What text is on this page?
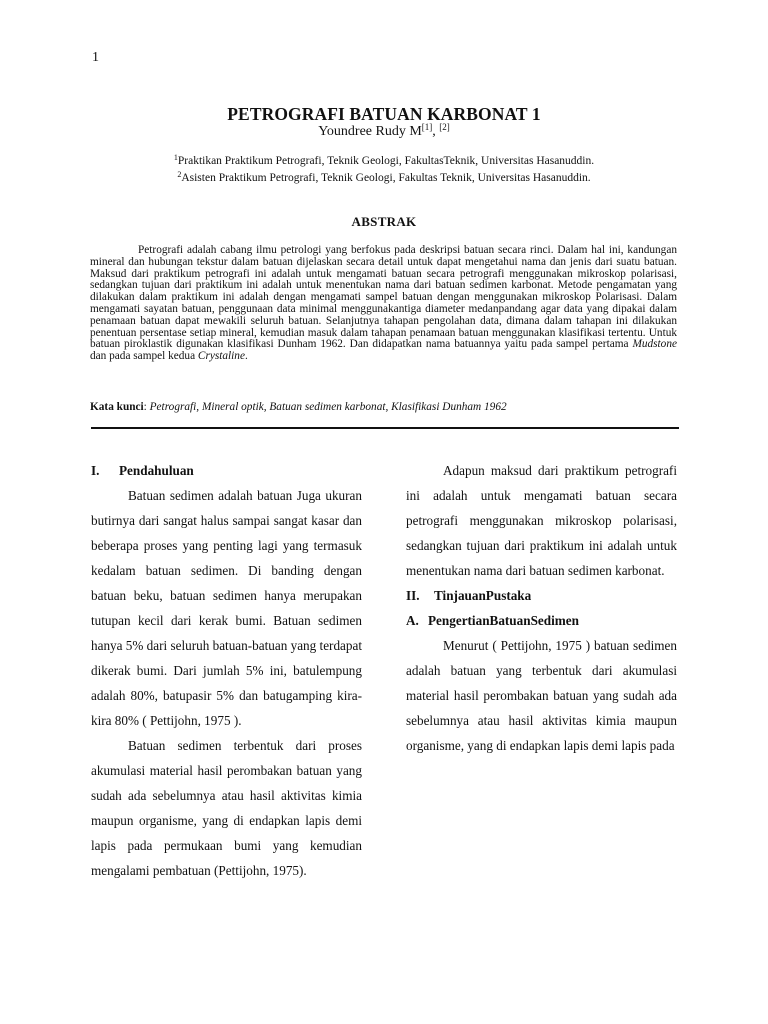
1
PETROGRAFI BATUAN KARBONAT 1
Youndree Rudy M[1], [2]
$^1$Praktikan Praktikum Petrografi, Teknik Geologi, FakultasTeknik, Universitas Hasanuddin.
$^2$Asisten Praktikum Petrografi, Teknik Geologi, Fakultas Teknik, Universitas Hasanuddin.
ABSTRAK

Petrografi adalah cabang ilmu petrologi yang berfokus pada deskripsi batuan secara rinci. Dalam hal ini, kandungan mineral dan hubungan tekstur dalam batuan dijelaskan secara detail untuk dapat mengetahui nama dan jenis dari suatu batuan. Maksud dari praktikum petrografi ini adalah untuk mengamati batuan secara petrografi menggunakan mikroskop polarisasi, sedangkan tujuan dari praktikum ini adalah untuk menentukan nama dari batuan sedimen karbonat. Metode pengamatan yang dilakukan dalam praktikum ini adalah dengan mengamati sampel batuan dengan menggunakan mikroskop Polarisasi. Dalam mengamati sayatan batuan, penggunaan data minimal menggunakantiga diameter medanpandang agar data yang dipakai dalam penamaan batuan dapat mewakili seluruh batuan. Selanjutnya tahapan pengolahan data, dimana dalam tahapan ini dilakukan penentuan persentase setiap mineral, kemudian masuk dalam tahapan penamaan batuan menggunakan klasifikasi tertentu. Untuk batuan piroklastik digunakan klasifikasi Dunham 1962. Dan didapatkan nama batuannya yaitu pada sampel pertama Mudstone dan pada sampel kedua Crystaline.

Kata kunci: Petrografi, Mineral optik, Batuan sedimen karbonat, Klasifikasi Dunham 1962

I. Pendahuluan

Batuan sedimen adalah batuan Juga ukuran butirnya dari sangat halus sampai sangat kasar dan beberapa proses yang penting lagi yang termasuk kedalam batuan sedimen. Di banding dengan batuan beku, batuan sedimen hanya merupakan tutupan kecil dari kerak bumi. Batuan sedimen hanya 5% dari seluruh batuan-batuan yang terdapat dikerak bumi. Dari jumlah 5% ini, batulempung adalah 80%, batupasir 5% dan batugamping kira- kira 80% ( Pettijohn, 1975 ).

Batuan sedimen terbentuk dari proses akumulasi material hasil perombakan batuan yang sudah ada sebelumnya atau hasil aktivitas kimia maupun organisme, yang di endapkan lapis demi lapis pada permukaan bumi yang kemudian mengalami pembatuan (Pettijohn, 1975).

Adapun maksud dari praktikum petrografi ini adalah untuk mengamati batuan secara petrografi menggunakan mikroskop polarisasi, sedangkan tujuan dari praktikum ini adalah untuk menentukan nama dari batuan sedimen karbonat.

II. TinjauanPustaka

A. PengertianBatuanSedimen

Menurut ( Pettijohn, 1975 ) batuan sedimen adalah batuan yang terbentuk dari akumulasi material hasil perombakan batuan yang sudah ada sebelumnya atau hasil aktivitas kimia maupun organisme, yang di endapkan lapis demi lapis pada
